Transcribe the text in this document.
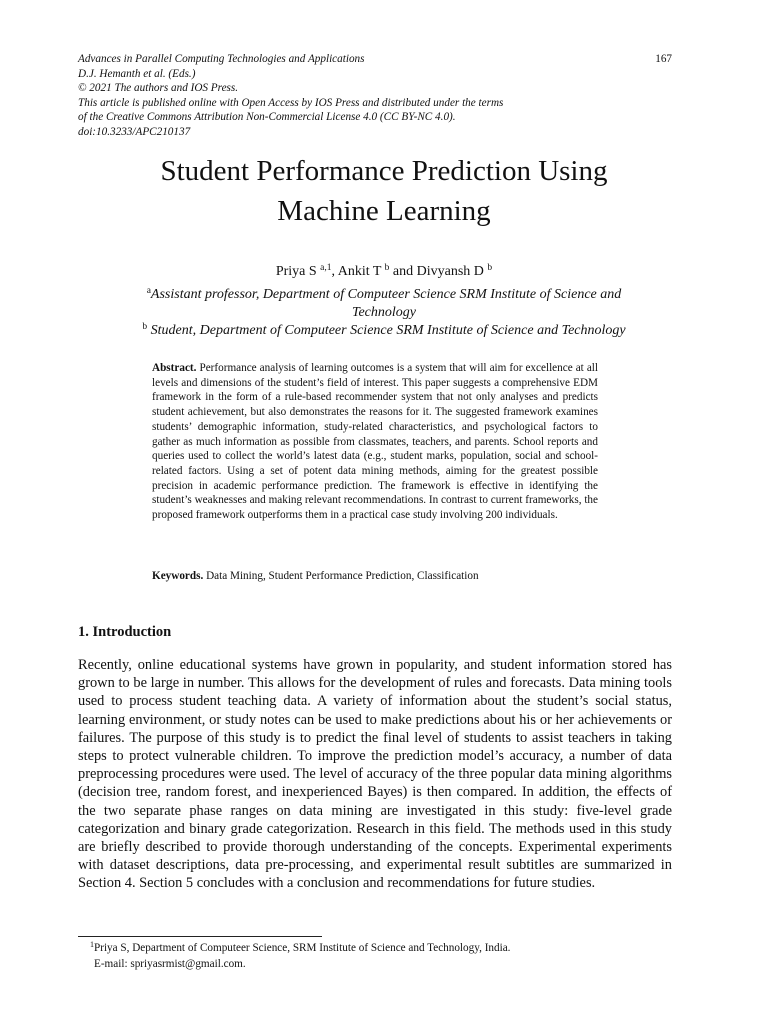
Advances in Parallel Computing Technologies and Applications
D.J. Hemanth et al. (Eds.)
© 2021 The authors and IOS Press.
This article is published online with Open Access by IOS Press and distributed under the terms
of the Creative Commons Attribution Non-Commercial License 4.0 (CC BY-NC 4.0).
doi:10.3233/APC210137
167
Student Performance Prediction Using
Machine Learning
Priya S $^{a,1}$, Ankit T $^b$ and Divyansh D $^b$
$^a$Assistant professor, Department of Computeer Science SRM Institute of Science and
Technology
$^b$ Student, Department of Computeer Science SRM Institute of Science and Technology
Abstract. Performance analysis of learning outcomes is a system that will aim for excellence at all levels and dimensions of the student’s field of interest. This paper suggests a comprehensive EDM framework in the form of a rule-based recommender system that not only analyses and predicts student achievement, but also demonstrates the reasons for it. The suggested framework examines students’ demographic information, study-related characteristics, and psychological factors to gather as much information as possible from classmates, teachers, and parents. School reports and queries used to collect the world’s latest data (e.g., student marks, population, social and school-related factors. Using a set of potent data mining methods, aiming for the greatest possible precision in academic performance prediction. The framework is effective in identifying the student’s weaknesses and making relevant recommendations. In contrast to current frameworks, the proposed framework outperforms them in a practical case study involving 200 individuals.
Keywords. Data Mining, Student Performance Prediction, Classification
1. Introduction
Recently, online educational systems have grown in popularity, and student information stored has grown to be large in number. This allows for the development of rules and forecasts. Data mining tools used to process student teaching data. A variety of information about the student’s social status, learning environment, or study notes can be used to make predictions about his or her achievements or failures. The purpose of this study is to predict the final level of students to assist teachers in taking steps to protect vulnerable children. To improve the prediction model’s accuracy, a number of data preprocessing procedures were used. The level of accuracy of the three popular data mining algorithms (decision tree, random forest, and inexperienced Bayes) is then compared. In addition, the effects of the two separate phase ranges on data mining are investigated in this study: five-level grade categorization and binary grade categorization. Research in this field. The methods used in this study are briefly described to provide thorough understanding of the concepts. Experimental experiments with dataset descriptions, data pre-processing, and experimental result subtitles are summarized in Section 4. Section 5 concludes with a conclusion and recommendations for future studies.
$^1$Priya S, Department of Computeer Science, SRM Institute of Science and Technology, India.
E-mail: spriyasrmist@gmail.com.
